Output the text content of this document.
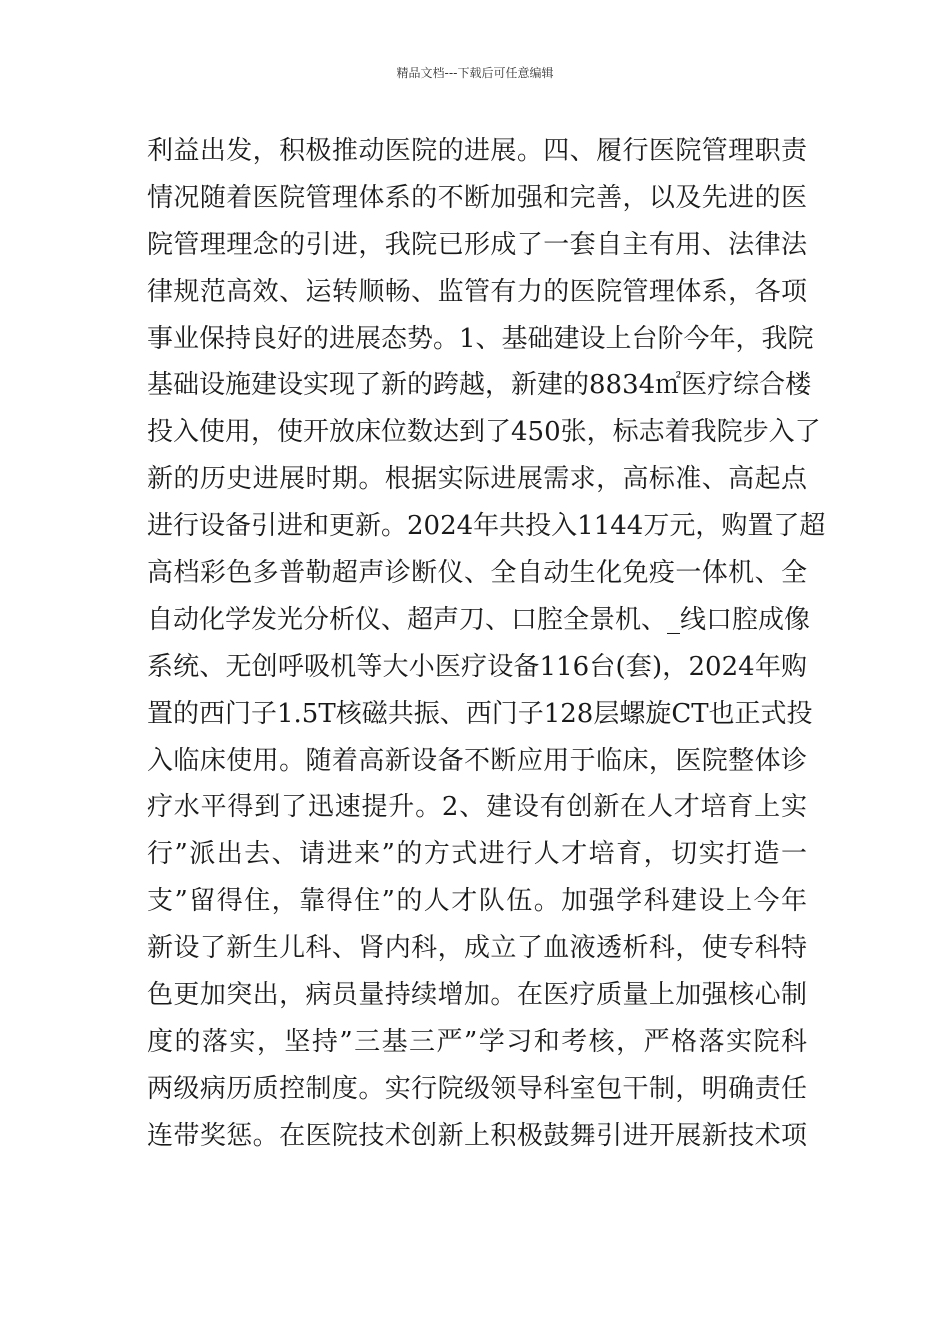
精品文档---下载后可任意编辑
利益出发，积极推动医院的进展。四、履行医院管理职责
情况随着医院管理体系的不断加强和完善，以及先进的医
院管理理念的引进，我院已形成了一套自主有用、法律法
律规范高效、运转顺畅、监管有力的医院管理体系，各项
事业保持良好的进展态势。1、基础建设上台阶今年，我院
基础设施建设实现了新的跨越，新建的8834㎡医疗综合楼
投入使用，使开放床位数达到了450张，标志着我院步入了
新的历史进展时期。根据实际进展需求，高标准、高起点
进行设备引进和更新。2024年共投入1144万元，购置了超
高档彩色多普勒超声诊断仪、全自动生化免疫一体机、全
自动化学发光分析仪、超声刀、口腔全景机、_线口腔成像
系统、无创呼吸机等大小医疗设备116台(套)，2024年购
置的西门子1.5T核磁共振、西门子128层螺旋CT也正式投
入临床使用。随着高新设备不断应用于临床，医院整体诊
疗水平得到了迅速提升。2、建设有创新在人才培育上实
行”派出去、请进来”的方式进行人才培育，切实打造一
支”留得住，靠得住”的人才队伍。加强学科建设上今年
新设了新生儿科、肾内科，成立了血液透析科，使专科特
色更加突出，病员量持续增加。在医疗质量上加强核心制
度的落实，坚持”三基三严”学习和考核，严格落实院科
两级病历质控制度。实行院级领导科室包干制，明确责任
连带奖惩。在医院技术创新上积极鼓舞引进开展新技术项
